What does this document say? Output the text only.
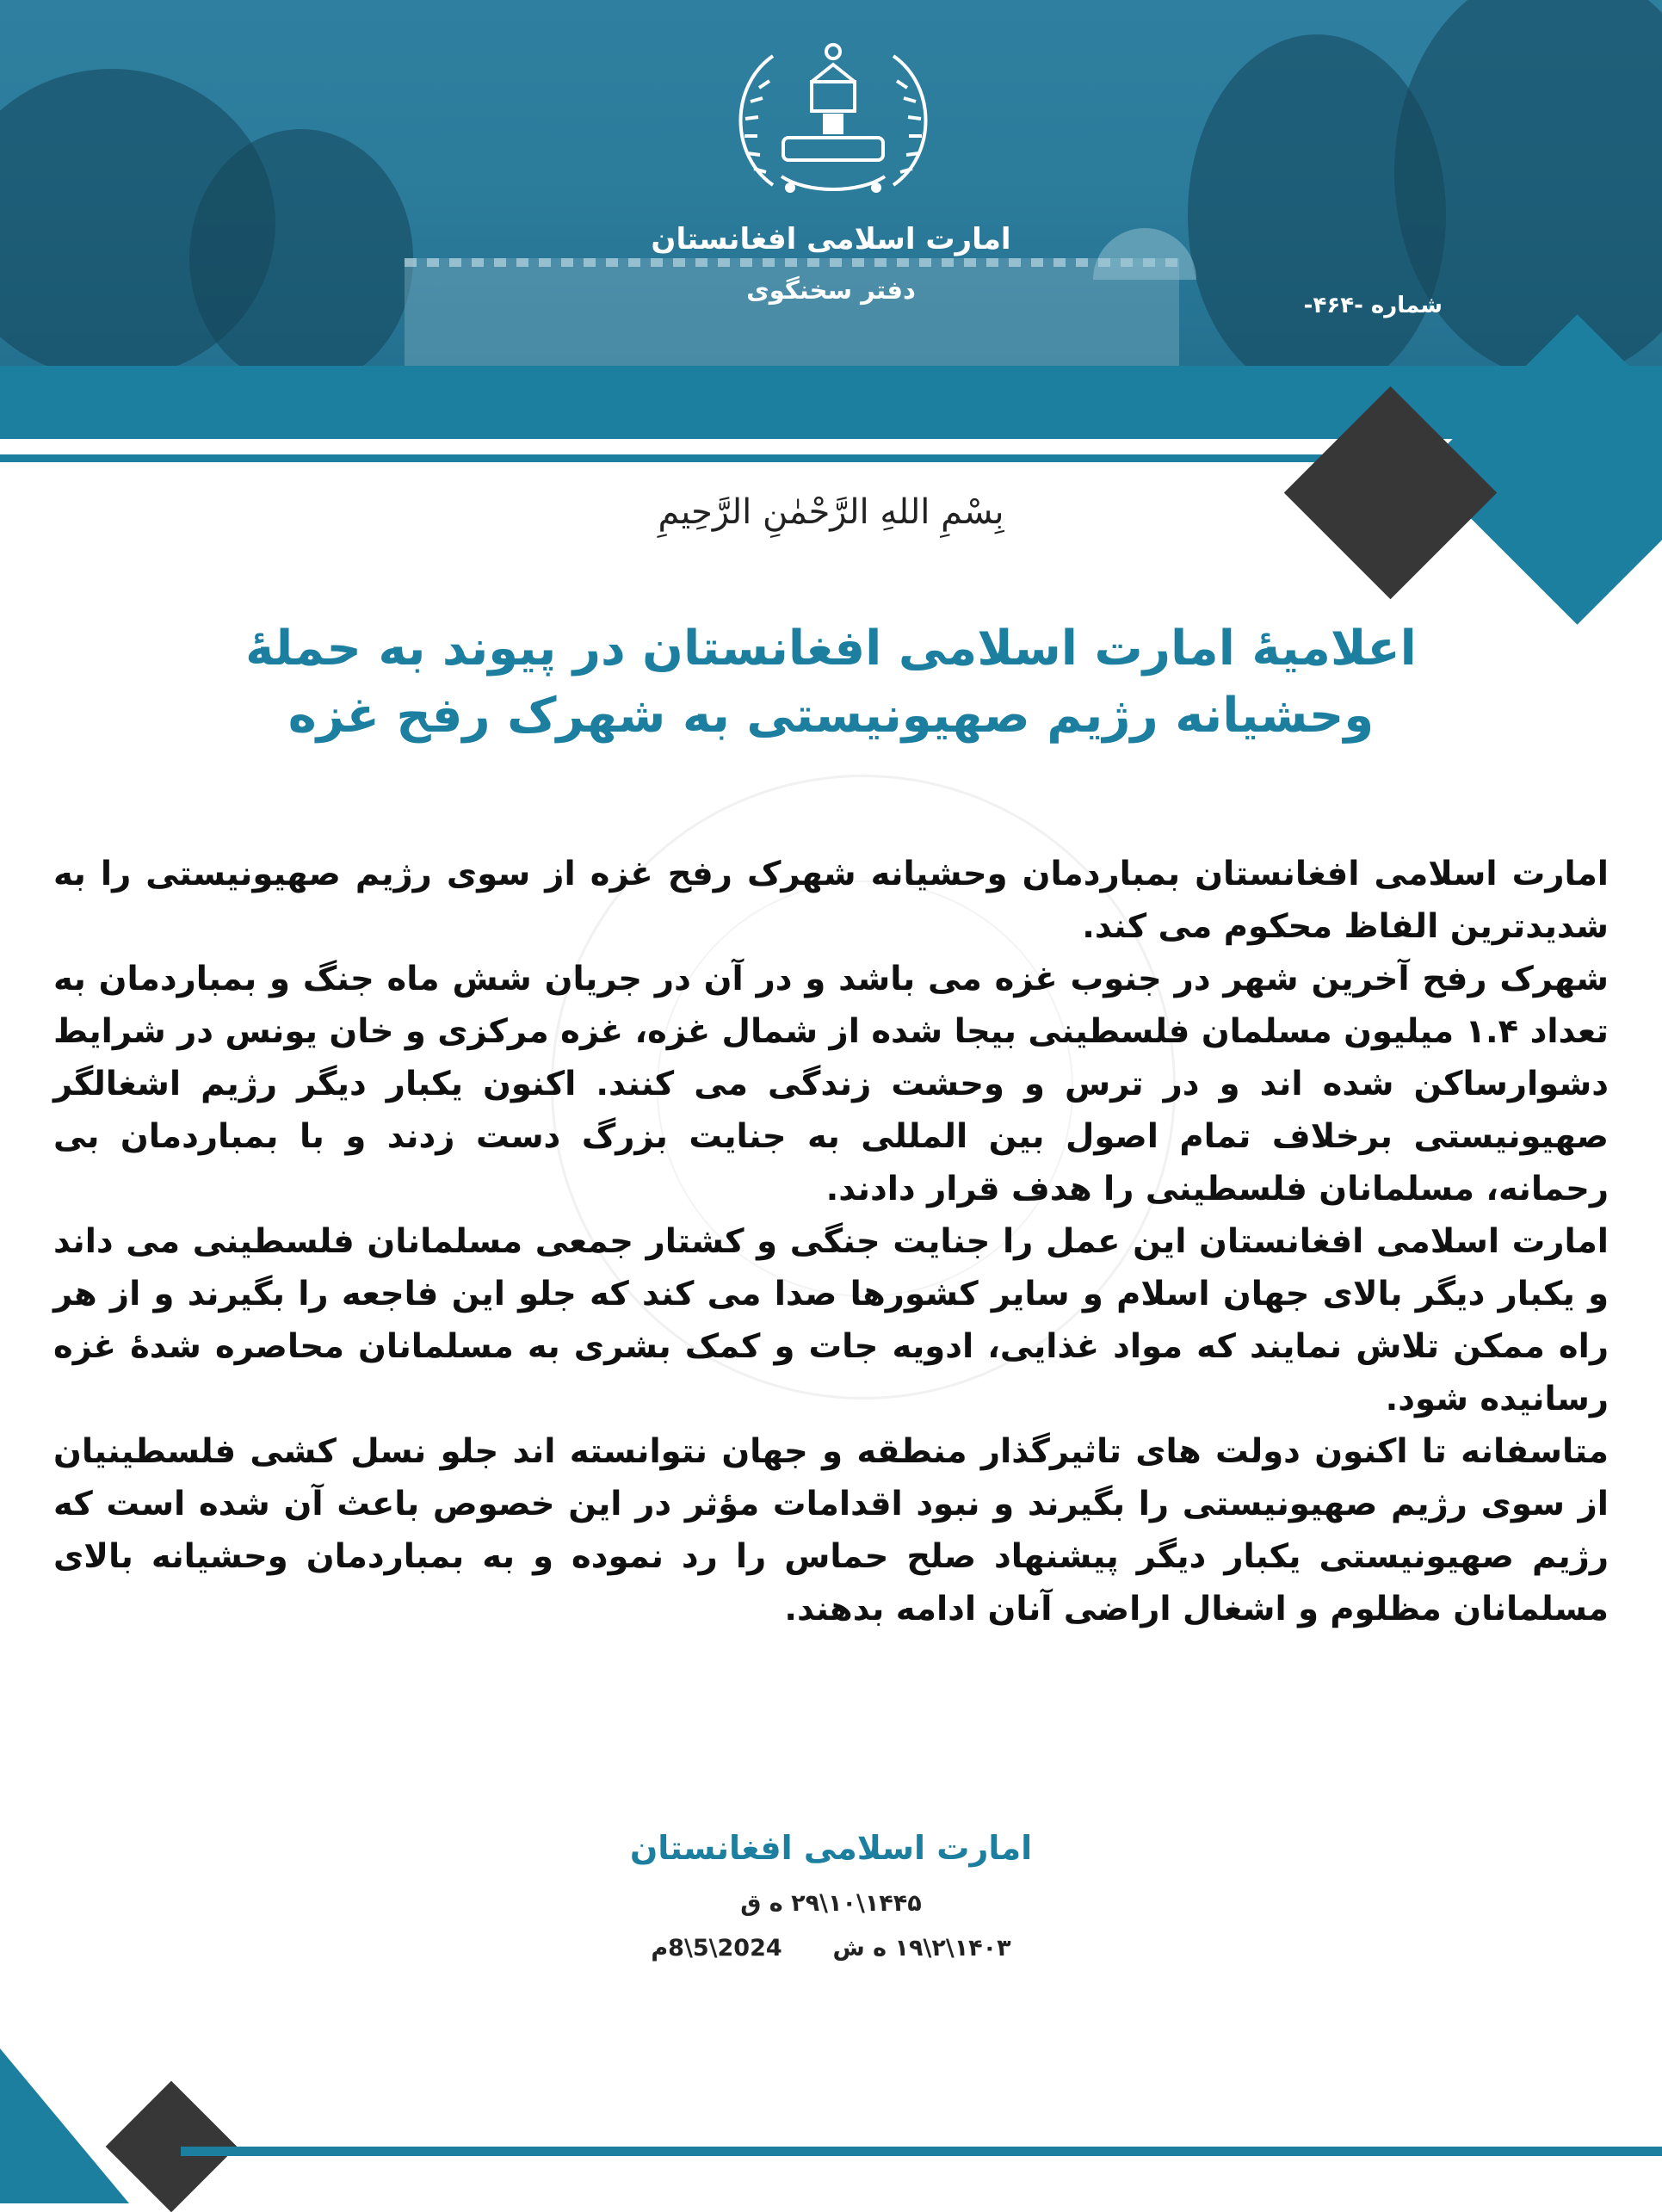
امارت اسلامی افغانستان
دفتر سخنگوی
شماره -۴۶۴-
بِسْمِ اللهِ الرَّحْمٰنِ الرَّحِيمِ
اعلامیهٔ امارت اسلامی افغانستان در پیوند به حملهٔ
وحشیانه رژیم صهیونیستی به شهرک رفح غزه

امارت اسلامی افغانستان بمباردمان وحشیانه شهرک رفح غزه از سوی رژیم صهیونیستی را به شدیدترین الفاظ محکوم می کند.

شهرک رفح آخرین شهر در جنوب غزه می باشد و در آن در جریان شش ماه جنگ و بمباردمان به تعداد ۱.۴ میلیون مسلمان فلسطینی بیجا شده از شمال غزه، غزه مرکزی و خان یونس در شرایط دشوارساکن شده اند و در ترس و وحشت زندگی می کنند. اکنون یکبار دیگر رژیم اشغالگر صهیونیستی برخلاف تمام اصول بین المللی به جنایت بزرگ دست زدند و با بمباردمان بی رحمانه، مسلمانان فلسطینی را هدف قرار دادند.

امارت اسلامی افغانستان این عمل را جنایت جنگی و کشتار جمعی مسلمانان فلسطینی می داند و یکبار دیگر بالای جهان اسلام و سایر کشورها صدا می کند که جلو این فاجعه را بگیرند و از هر راه ممکن تلاش نمایند که مواد غذایی، ادویه جات و کمک بشری به مسلمانان محاصره شدهٔ غزه رسانیده شود.

متاسفانه تا اکنون دولت های تاثیرگذار منطقه و جهان نتوانسته اند جلو نسل کشی فلسطینیان از سوی رژیم صهیونیستی را بگیرند و نبود اقدامات مؤثر در این خصوص باعث آن شده است که رژیم صهیونیستی یکبار دیگر پیشنهاد صلح حماس را رد نموده و به بمباردمان وحشیانه بالای مسلمانان مظلوم و اشغال اراضی آنان ادامه بدهند.

امارت اسلامی افغانستان
۱۴۴۵\۱۰\۲۹ ه ق
۱۴۰۳\۲\۱۹ ه ش  2024\5\8م
